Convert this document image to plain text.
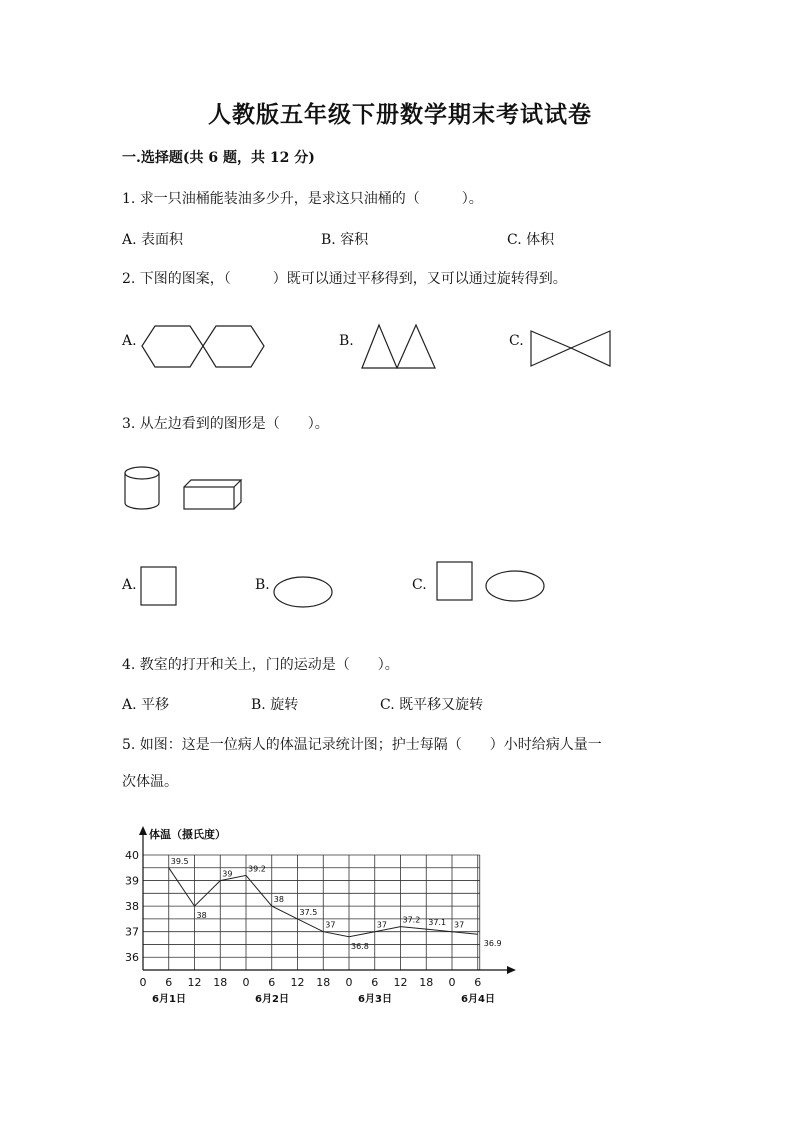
人教版五年级下册数学期末考试试卷
一.选择题(共 6 题，共 12 分)
1. 求一只油桶能装油多少升，是求这只油桶的（　　　）。
A. 表面积	B. 容积	C. 体积
2. 下图的图案，（　　　）既可以通过平移得到，又可以通过旋转得到。
A.	B.	C.
3. 从左边看到的图形是（　　）。
A.	B.	C.
4. 教室的打开和关上，门的运动是（　　）。
A. 平移	B. 旋转	C. 既平移又旋转
5. 如图：这是一位病人的体温记录统计图；护士每隔（　　）小时给病人量一
次体温。
体温（摄氏度）
40
39
38
37
36
0 6 12 18 0 6 12 18 0 6 12 18 0 6
6月1日	6月2日	6月3日	6月4日
39.5
38
39
39.2
38
37.5
37
36.8
37
37.2 37.1 37
36.9
